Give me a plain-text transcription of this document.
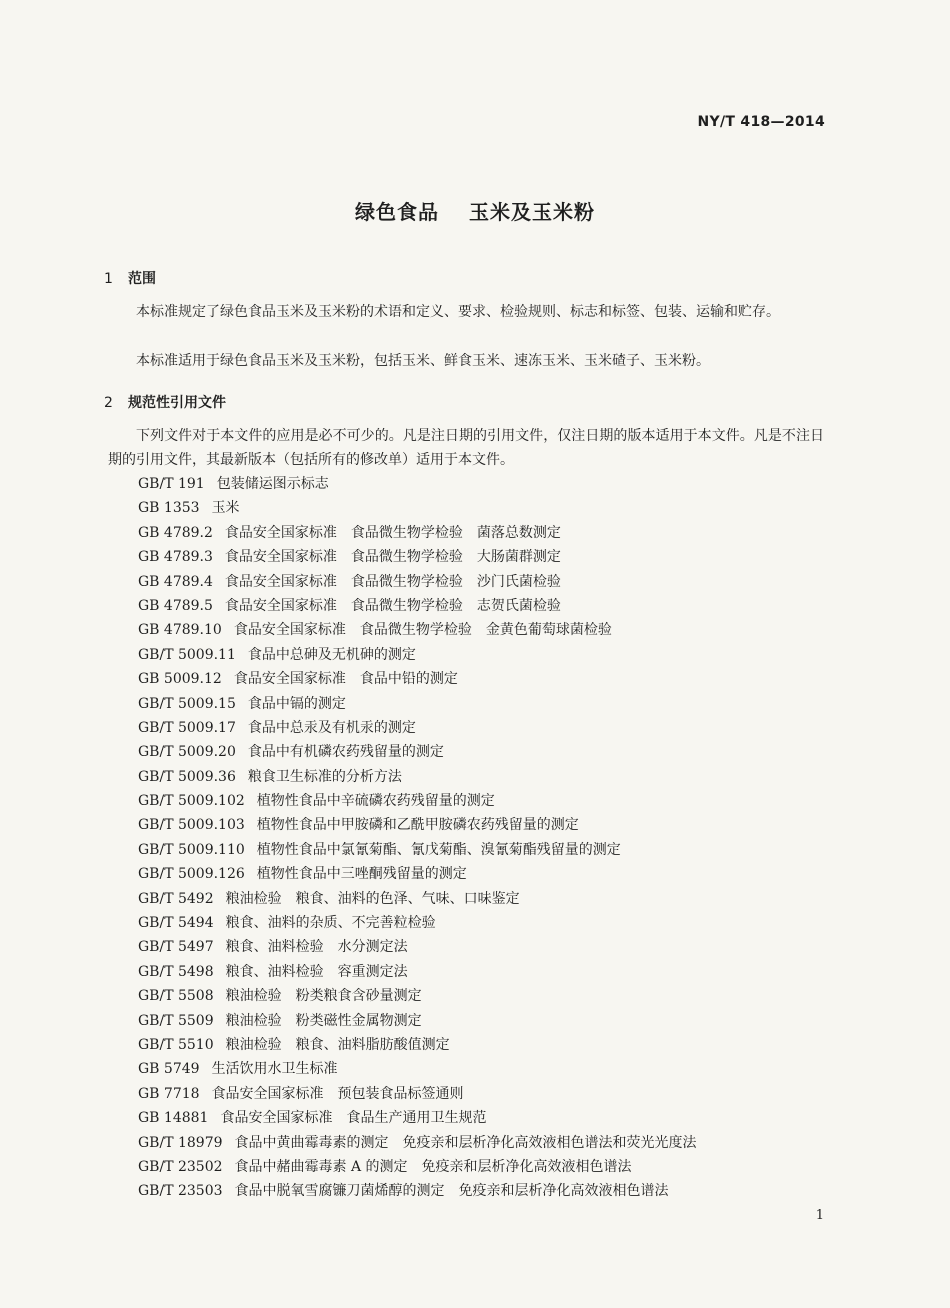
NY/T 418—2014
绿色食品 玉米及玉米粉
1 范围

本标准规定了绿色食品玉米及玉米粉的术语和定义、要求、检验规则、标志和标签、包装、运输和贮存。

本标准适用于绿色食品玉米及玉米粉，包括玉米、鲜食玉米、速冻玉米、玉米碴子、玉米粉。

2 规范性引用文件

下列文件对于本文件的应用是必不可少的。凡是注日期的引用文件，仅注日期的版本适用于本文件。凡是不注日期的引用文件，其最新版本（包括所有的修改单）适用于本文件。

GB/T 191 包装储运图示标志
GB 1353 玉米
GB 4789.2 食品安全国家标准　食品微生物学检验　菌落总数测定
GB 4789.3 食品安全国家标准　食品微生物学检验　大肠菌群测定
GB 4789.4 食品安全国家标准　食品微生物学检验　沙门氏菌检验
GB 4789.5 食品安全国家标准　食品微生物学检验　志贺氏菌检验
GB 4789.10 食品安全国家标准　食品微生物学检验　金黄色葡萄球菌检验
GB/T 5009.11 食品中总砷及无机砷的测定
GB 5009.12 食品安全国家标准　食品中铅的测定
GB/T 5009.15 食品中镉的测定
GB/T 5009.17 食品中总汞及有机汞的测定
GB/T 5009.20 食品中有机磷农药残留量的测定
GB/T 5009.36 粮食卫生标准的分析方法
GB/T 5009.102 植物性食品中辛硫磷农药残留量的测定
GB/T 5009.103 植物性食品中甲胺磷和乙酰甲胺磷农药残留量的测定
GB/T 5009.110 植物性食品中氯氰菊酯、氰戊菊酯、溴氰菊酯残留量的测定
GB/T 5009.126 植物性食品中三唑酮残留量的测定
GB/T 5492 粮油检验　粮食、油料的色泽、气味、口味鉴定
GB/T 5494 粮食、油料的杂质、不完善粒检验
GB/T 5497 粮食、油料检验　水分测定法
GB/T 5498 粮食、油料检验　容重测定法
GB/T 5508 粮油检验　粉类粮食含砂量测定
GB/T 5509 粮油检验　粉类磁性金属物测定
GB/T 5510 粮油检验　粮食、油料脂肪酸值测定
GB 5749 生活饮用水卫生标准
GB 7718 食品安全国家标准　预包装食品标签通则
GB 14881 食品安全国家标准　食品生产通用卫生规范
GB/T 18979 食品中黄曲霉毒素的测定　免疫亲和层析净化高效液相色谱法和荧光光度法
GB/T 23502 食品中赭曲霉毒素 A 的测定　免疫亲和层析净化高效液相色谱法
GB/T 23503 食品中脱氧雪腐镰刀菌烯醇的测定　免疫亲和层析净化高效液相色谱法
1
